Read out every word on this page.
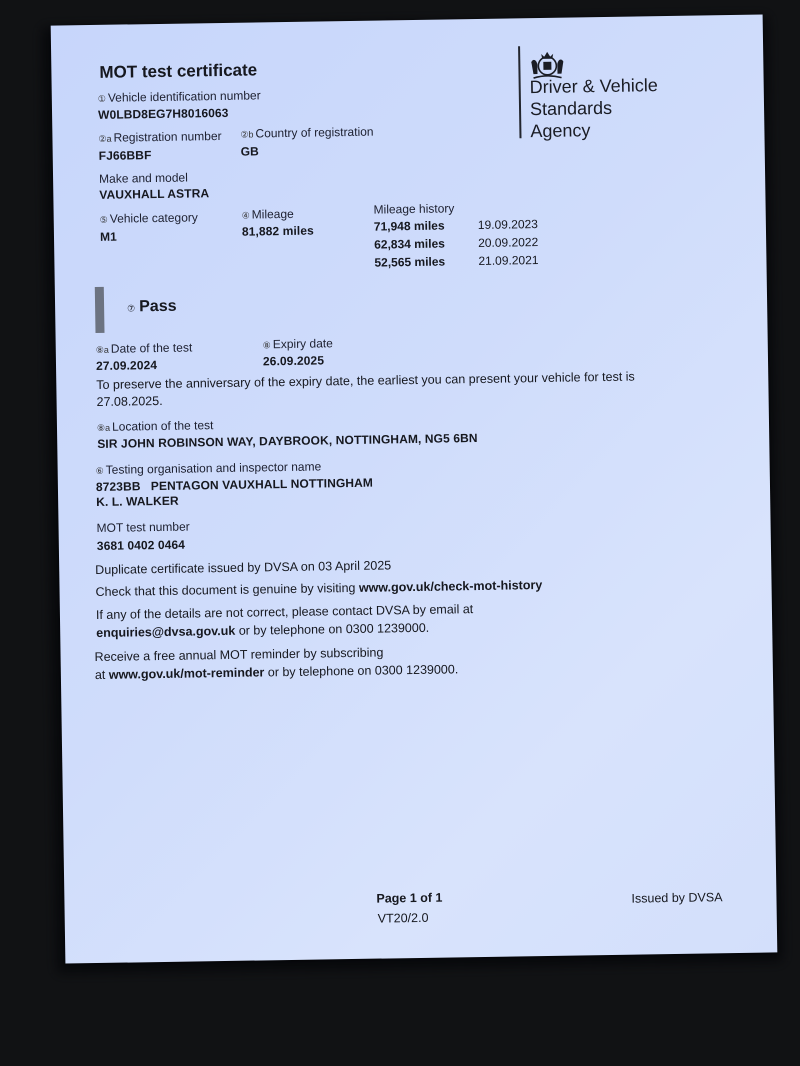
MOT test certificate
Driver & Vehicle
Standards
Agency
① Vehicle identification number
W0LBD8EG7H8016063
②a Registration number
FJ66BBF
②b Country of registration
GB
Make and model
VAUXHALL ASTRA
⑤ Vehicle category
M1
④ Mileage
81,882 miles
Mileage history
71,948 miles	19.09.2023
62,834 miles	20.09.2022
52,565 miles	21.09.2021
⑦ Pass
⑧a Date of the test
27.09.2024
⑧ Expiry date
26.09.2025
To preserve the anniversary of the expiry date, the earliest you can present your vehicle for test is
27.08.2025.
⑧a Location of the test
SIR JOHN ROBINSON WAY, DAYBROOK, NOTTINGHAM, NG5 6BN
⑥ Testing organisation and inspector name
8723BB   PENTAGON VAUXHALL NOTTINGHAM
K. L. WALKER
MOT test number
3681 0402 0464
Duplicate certificate issued by DVSA on 03 April 2025
Check that this document is genuine by visiting www.gov.uk/check-mot-history
If any of the details are not correct, please contact DVSA by email at
enquiries@dvsa.gov.uk or by telephone on 0300 1239000.
Receive a free annual MOT reminder by subscribing
at www.gov.uk/mot-reminder or by telephone on 0300 1239000.
Page 1 of 1
VT20/2.0
Issued by DVSA
